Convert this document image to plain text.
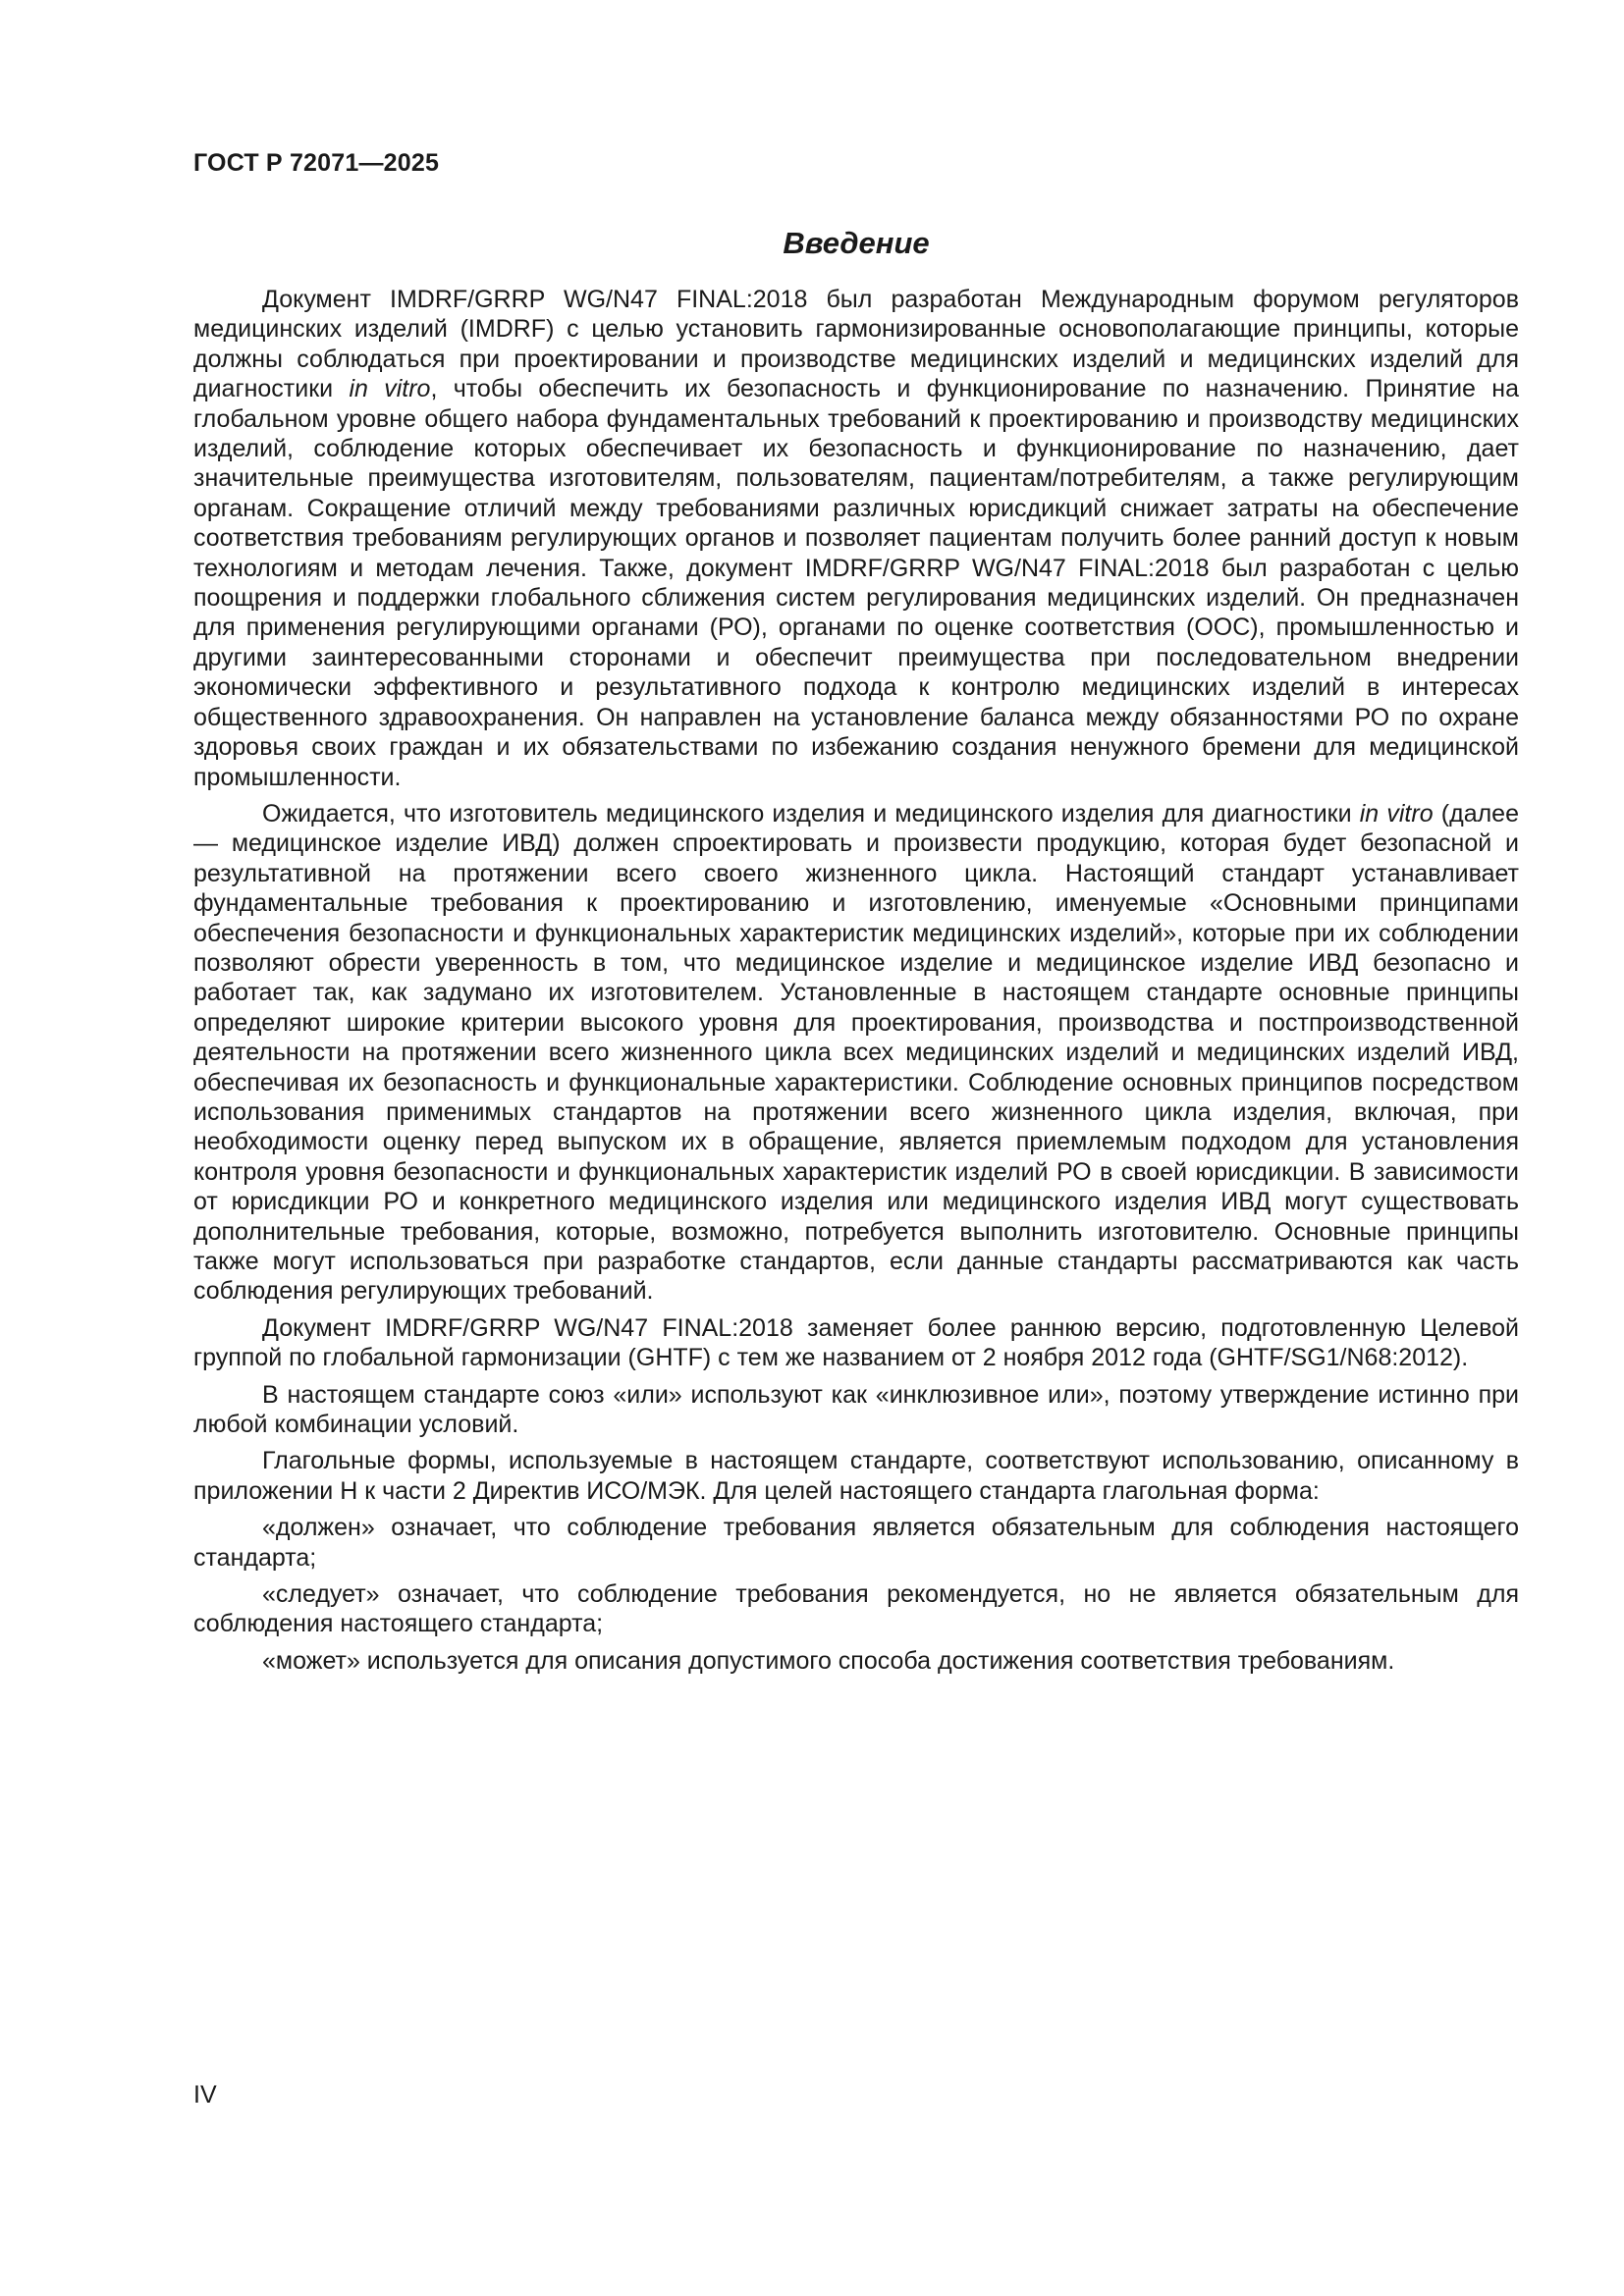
ГОСТ Р 72071—2025
Введение

Документ IMDRF/GRRP WG/N47 FINAL:2018 был разработан Международным форумом регуляторов медицинских изделий (IMDRF) с целью установить гармонизированные основополагающие принципы, которые должны соблюдаться при проектировании и производстве медицинских изделий и медицинских изделий для диагностики in vitro, чтобы обеспечить их безопасность и функционирование по назначению. Принятие на глобальном уровне общего набора фундаментальных требований к проектированию и производству медицинских изделий, соблюдение которых обеспечивает их безопасность и функционирование по назначению, дает значительные преимущества изготовителям, пользователям, пациентам/потребителям, а также регулирующим органам. Сокращение отличий между требованиями различных юрисдикций снижает затраты на обеспечение соответствия требованиям регулирующих органов и позволяет пациентам получить более ранний доступ к новым технологиям и методам лечения. Также, документ IMDRF/GRRP WG/N47 FINAL:2018 был разработан с целью поощрения и поддержки глобального сближения систем регулирования медицинских изделий. Он предназначен для применения регулирующими органами (РО), органами по оценке соответствия (ООС), промышленностью и другими заинтересованными сторонами и обеспечит преимущества при последовательном внедрении экономически эффективного и результативного подхода к контролю медицинских изделий в интересах общественного здравоохранения. Он направлен на установление баланса между обязанностями РО по охране здоровья своих граждан и их обязательствами по избежанию создания ненужного бремени для медицинской промышленности.

Ожидается, что изготовитель медицинского изделия и медицинского изделия для диагностики in vitro (далее — медицинское изделие ИВД) должен спроектировать и произвести продукцию, которая будет безопасной и результативной на протяжении всего своего жизненного цикла. Настоящий стандарт устанавливает фундаментальные требования к проектированию и изготовлению, именуемые «Основными принципами обеспечения безопасности и функциональных характеристик медицинских изделий», которые при их соблюдении позволяют обрести уверенность в том, что медицинское изделие и медицинское изделие ИВД безопасно и работает так, как задумано их изготовителем. Установленные в настоящем стандарте основные принципы определяют широкие критерии высокого уровня для проектирования, производства и постпроизводственной деятельности на протяжении всего жизненного цикла всех медицинских изделий и медицинских изделий ИВД, обеспечивая их безопасность и функциональные характеристики. Соблюдение основных принципов посредством использования применимых стандартов на протяжении всего жизненного цикла изделия, включая, при необходимости оценку перед выпуском их в обращение, является приемлемым подходом для установления контроля уровня безопасности и функциональных характеристик изделий РО в своей юрисдикции. В зависимости от юрисдикции РО и конкретного медицинского изделия или медицинского изделия ИВД могут существовать дополнительные требования, которые, возможно, потребуется выполнить изготовителю. Основные принципы также могут использоваться при разработке стандартов, если данные стандарты рассматриваются как часть соблюдения регулирующих требований.

Документ IMDRF/GRRP WG/N47 FINAL:2018 заменяет более раннюю версию, подготовленную Целевой группой по глобальной гармонизации (GHTF) с тем же названием от 2 ноября 2012 года (GHTF/SG1/N68:2012).

В настоящем стандарте союз «или» используют как «инклюзивное или», поэтому утверждение истинно при любой комбинации условий.

Глагольные формы, используемые в настоящем стандарте, соответствуют использованию, описанному в приложении Н к части 2 Директив ИСО/МЭК. Для целей настоящего стандарта глагольная форма:

«должен» означает, что соблюдение требования является обязательным для соблюдения настоящего стандарта;

«следует» означает, что соблюдение требования рекомендуется, но не является обязательным для соблюдения настоящего стандарта;

«может» используется для описания допустимого способа достижения соответствия требованиям.

IV
